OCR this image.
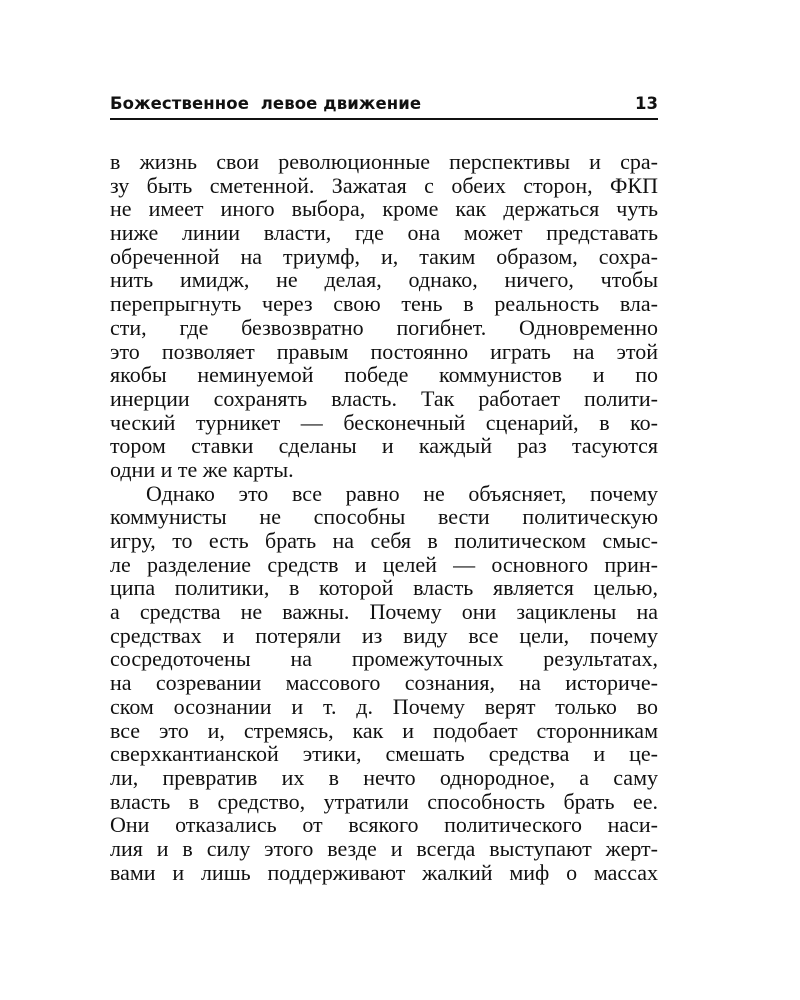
Божественное  левое движение	13
в жизнь свои революционные перспективы и сра-
зу быть сметенной. Зажатая с обеих сторон, ФКП
не имеет иного выбора, кроме как держаться чуть
ниже линии власти, где она может представать
обреченной на триумф, и, таким образом, сохра-
нить имидж, не делая, однако, ничего, чтобы
перепрыгнуть через свою тень в реальность вла-
сти, где безвозвратно погибнет. Одновременно
это позволяет правым постоянно играть на этой
якобы неминуемой победе коммунистов и по
инерции сохранять власть. Так работает полити-
ческий турникет — бесконечный сценарий, в ко-
тором ставки сделаны и каждый раз тасуются
одни и те же карты.
Однако это все равно не объясняет, почему
коммунисты не способны вести политическую
игру, то есть брать на себя в политическом смыс-
ле разделение средств и целей — основного прин-
ципа политики, в которой власть является целью,
а средства не важны. Почему они зациклены на
средствах и потеряли из виду все цели, почему
сосредоточены на промежуточных результатах,
на созревании массового сознания, на историче-
ском осознании и т. д. Почему верят только во
все это и, стремясь, как и подобает сторонникам
сверхкантианской этики, смешать средства и це-
ли, превратив их в нечто однородное, а саму
власть в средство, утратили способность брать ее.
Они отказались от всякого политического наси-
лия и в силу этого везде и всегда выступают жерт-
вами и лишь поддерживают жалкий миф о массах
